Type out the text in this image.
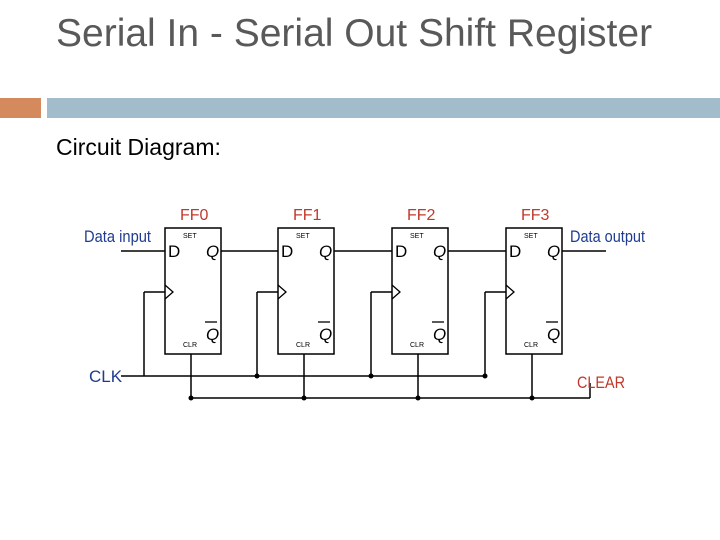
Serial In - Serial Out Shift Register
Circuit Diagram:
FF0
D
SET
Q
CLR
Q
FF1
D
SET
Q
CLR
Q
FF2
D
SET
Q
CLR
Q
FF3
D
SET
Q
CLR
Q
Data input	Data output
CLK	CLEAR
